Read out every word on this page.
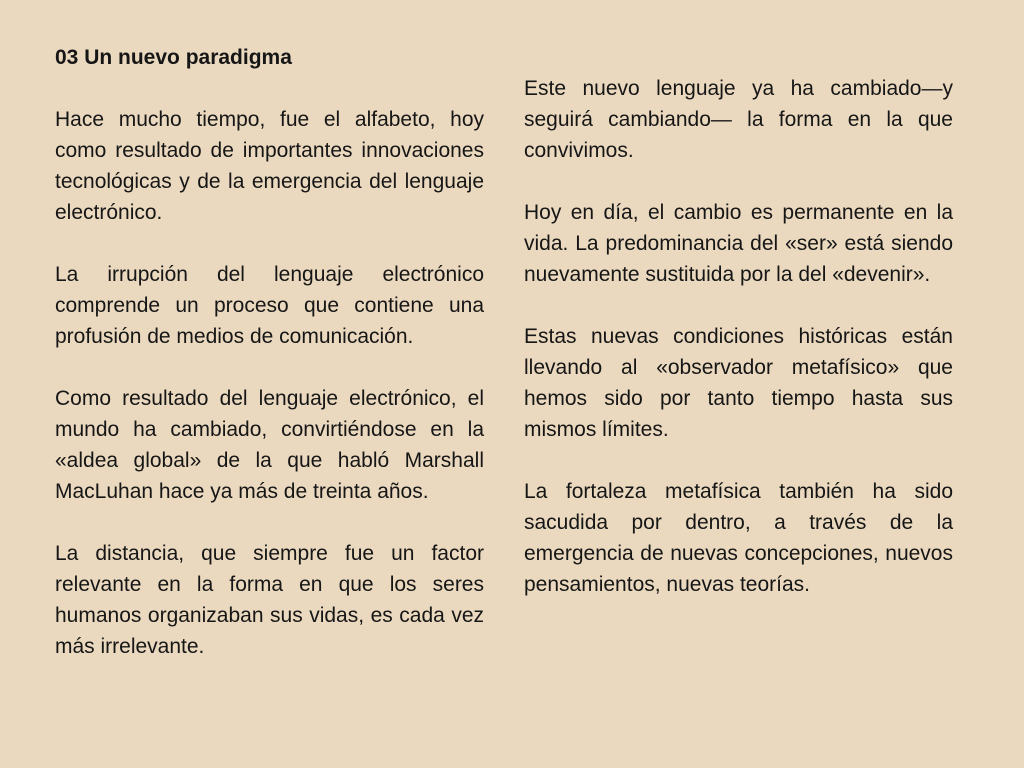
03 Un nuevo paradigma

Hace mucho tiempo, fue el alfabeto, hoy como resultado de importantes innovaciones tecnológicas y de la emergencia del lenguaje electrónico.

La irrupción del lenguaje electrónico comprende un proceso que contiene una profusión de medios de comunicación.

Como resultado del lenguaje electrónico, el mundo ha cambiado, convirtiéndose en la «aldea global» de la que habló Marshall MacLuhan hace ya más de treinta años.

La distancia, que siempre fue un factor relevante en la forma en que los seres humanos organizaban sus vidas, es cada vez más irrelevante.

Este nuevo lenguaje ya ha cambiado—y seguirá cambiando— la forma en la que convivimos.

Hoy en día, el cambio es permanente en la vida. La predominancia del «ser» está siendo nuevamente sustituida por la del «devenir».

Estas nuevas condiciones históricas están llevando al «observador metafísico» que hemos sido por tanto tiempo hasta sus mismos límites.

La fortaleza metafísica también ha sido sacudida por dentro, a través de la emergencia de nuevas concepciones, nuevos pensamientos, nuevas teorías.
